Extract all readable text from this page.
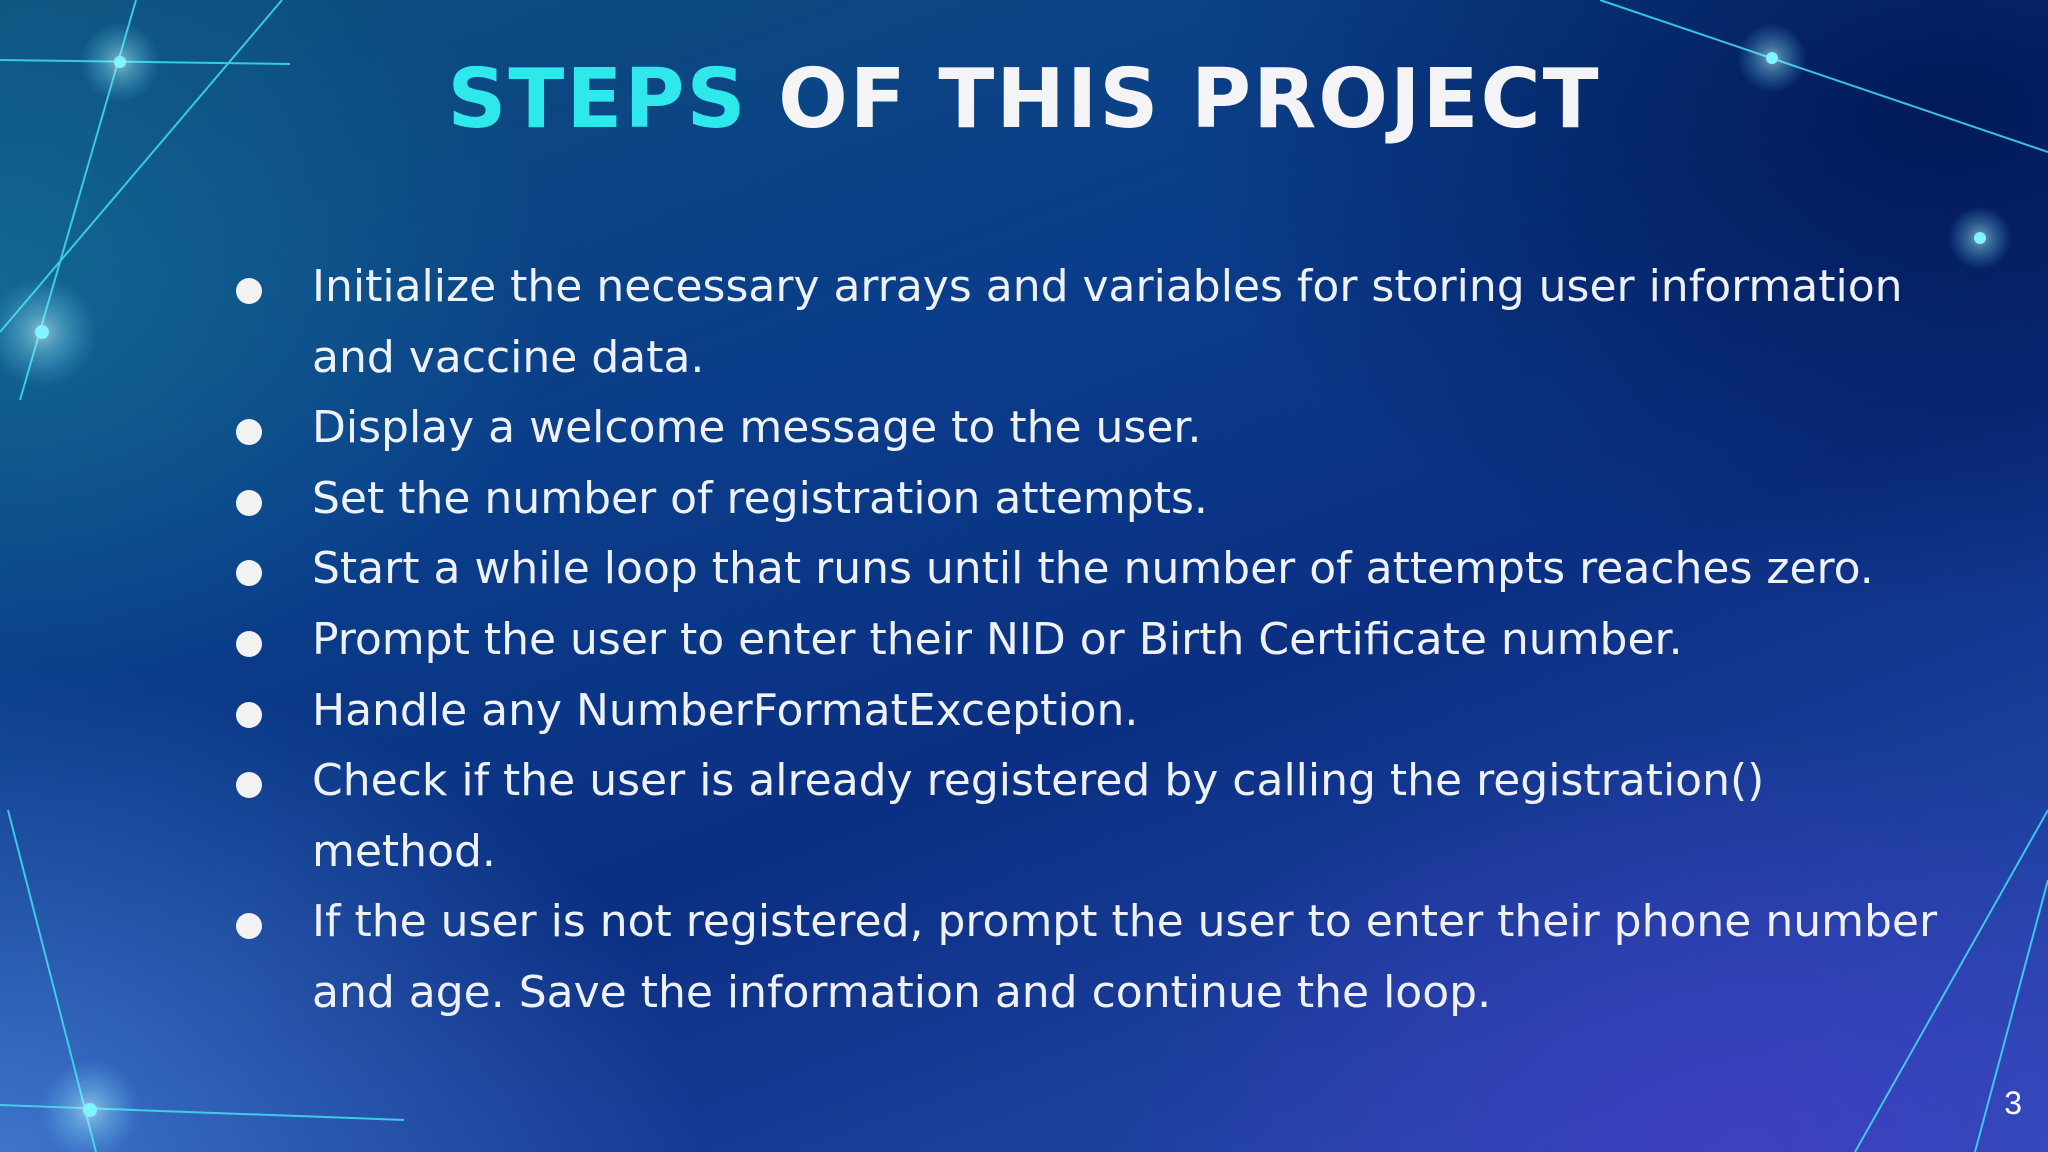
STEPS OF THIS PROJECT
Initialize the necessary arrays and variables for storing user information and vaccine data.
Display a welcome message to the user.
Set the number of registration attempts.
Start a while loop that runs until the number of attempts reaches zero.
Prompt the user to enter their NID or Birth Certificate number.
Handle any NumberFormatException.
Check if the user is already registered by calling the registration() method.
If the user is not registered, prompt the user to enter their phone number and age. Save the information and continue the loop.
3
